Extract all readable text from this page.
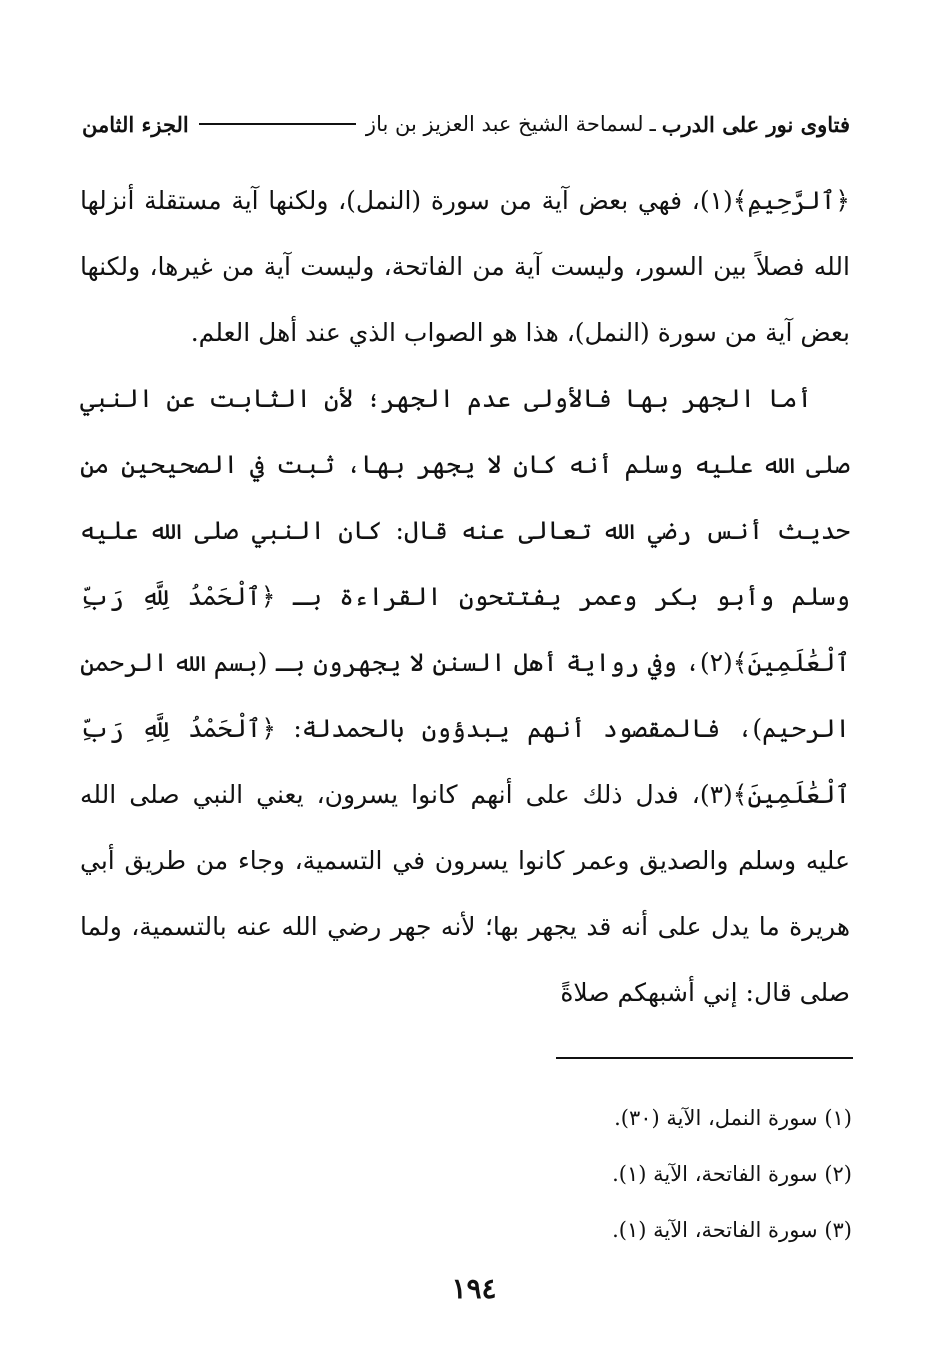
فتاوى نور على الدرب
ـ
لسماحة الشيخ عبد العزيز بن باز
الجزء الثامن

﴿ٱلرَّحِيمِ﴾(١)، فهي بعض آية من سورة (النمل)، ولكنها آية مستقلة أنزلها الله فصلاً بين السور، وليست آية من الفاتحة، وليست آية من غيرها، ولكنها بعض آية من سورة (النمل)، هذا هو الصواب الذي عند أهل العلم.

أما الجهر بها فالأولى عدم الجهر؛ لأن الثابت عن النبي صلى الله عليه وسلم أنه كان لا يجهر بها، ثبت في الصحيحين من حديث أنس رضي الله تعالى عنه قال: كان النبي صلى الله عليه وسلم وأبو بكر وعمر يفتتحون القراءة بـ ﴿ٱلْحَمْدُ لِلَّهِ رَبِّ ٱلْعَٰلَمِينَ﴾(٢)، وفي رواية أهل السنن لا يجهرون بـ (بسم الله الرحمن الرحيم)، فالمقصود أنهم يبدؤون بالحمدلة: ﴿ٱلْحَمْدُ لِلَّهِ رَبِّ ٱلْعَٰلَمِينَ﴾(٣)، فدل ذلك على أنهم كانوا يسرون، يعني النبي صلى الله عليه وسلم والصديق وعمر كانوا يسرون في التسمية، وجاء من طريق أبي هريرة ما يدل على أنه قد يجهر بها؛ لأنه جهر رضي الله عنه بالتسمية، ولما صلى قال: إني أشبهكم صلاةً

(١) سورة النمل، الآية (٣٠).
(٢) سورة الفاتحة، الآية (١).
(٣) سورة الفاتحة، الآية (١).
١٩٤
